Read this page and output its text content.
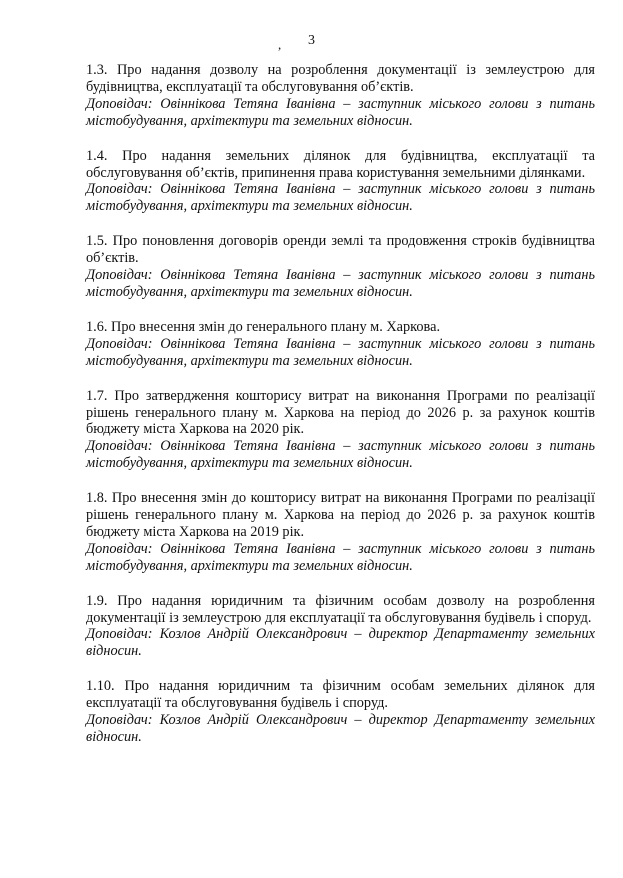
3
,

1.3. Про надання дозволу на розроблення документації із землеустрою для будівництва, експлуатації та обслуговування об’єктів.

Доповідач: Овіннікова Тетяна Іванівна – заступник міського голови з питань містобудування, архітектури та земельних відносин.

1.4. Про надання земельних ділянок для будівництва, експлуатації та обслуговування об’єктів, припинення права користування земельними ділянками.

Доповідач: Овіннікова Тетяна Іванівна – заступник міського голови з питань містобудування, архітектури та земельних відносин.

1.5. Про поновлення договорів оренди землі та продовження строків будівництва об’єктів.

Доповідач: Овіннікова Тетяна Іванівна – заступник міського голови з питань містобудування, архітектури та земельних відносин.

1.6. Про внесення змін до генерального плану м. Харкова.

Доповідач: Овіннікова Тетяна Іванівна – заступник міського голови з питань містобудування, архітектури та земельних відносин.

1.7. Про затвердження кошторису витрат на виконання Програми по реалізації рішень генерального плану м. Харкова на період до 2026 р. за рахунок коштів бюджету міста Харкова на 2020 рік.

Доповідач: Овіннікова Тетяна Іванівна – заступник міського голови з питань містобудування, архітектури та земельних відносин.

1.8. Про внесення змін до кошторису витрат на виконання Програми по реалізації рішень генерального плану м. Харкова на період до 2026 р. за рахунок коштів бюджету міста Харкова на 2019 рік.

Доповідач: Овіннікова Тетяна Іванівна – заступник міського голови з питань містобудування, архітектури та земельних відносин.

1.9. Про надання юридичним та фізичним особам дозволу на розроблення документації із землеустрою для експлуатації та обслуговування будівель і споруд.

Доповідач: Козлов Андрій Олександрович – директор Департаменту земельних відносин.

1.10. Про надання юридичним та фізичним особам земельних ділянок для експлуатації та обслуговування будівель і споруд.

Доповідач: Козлов Андрій Олександрович – директор Департаменту земельних відносин.
